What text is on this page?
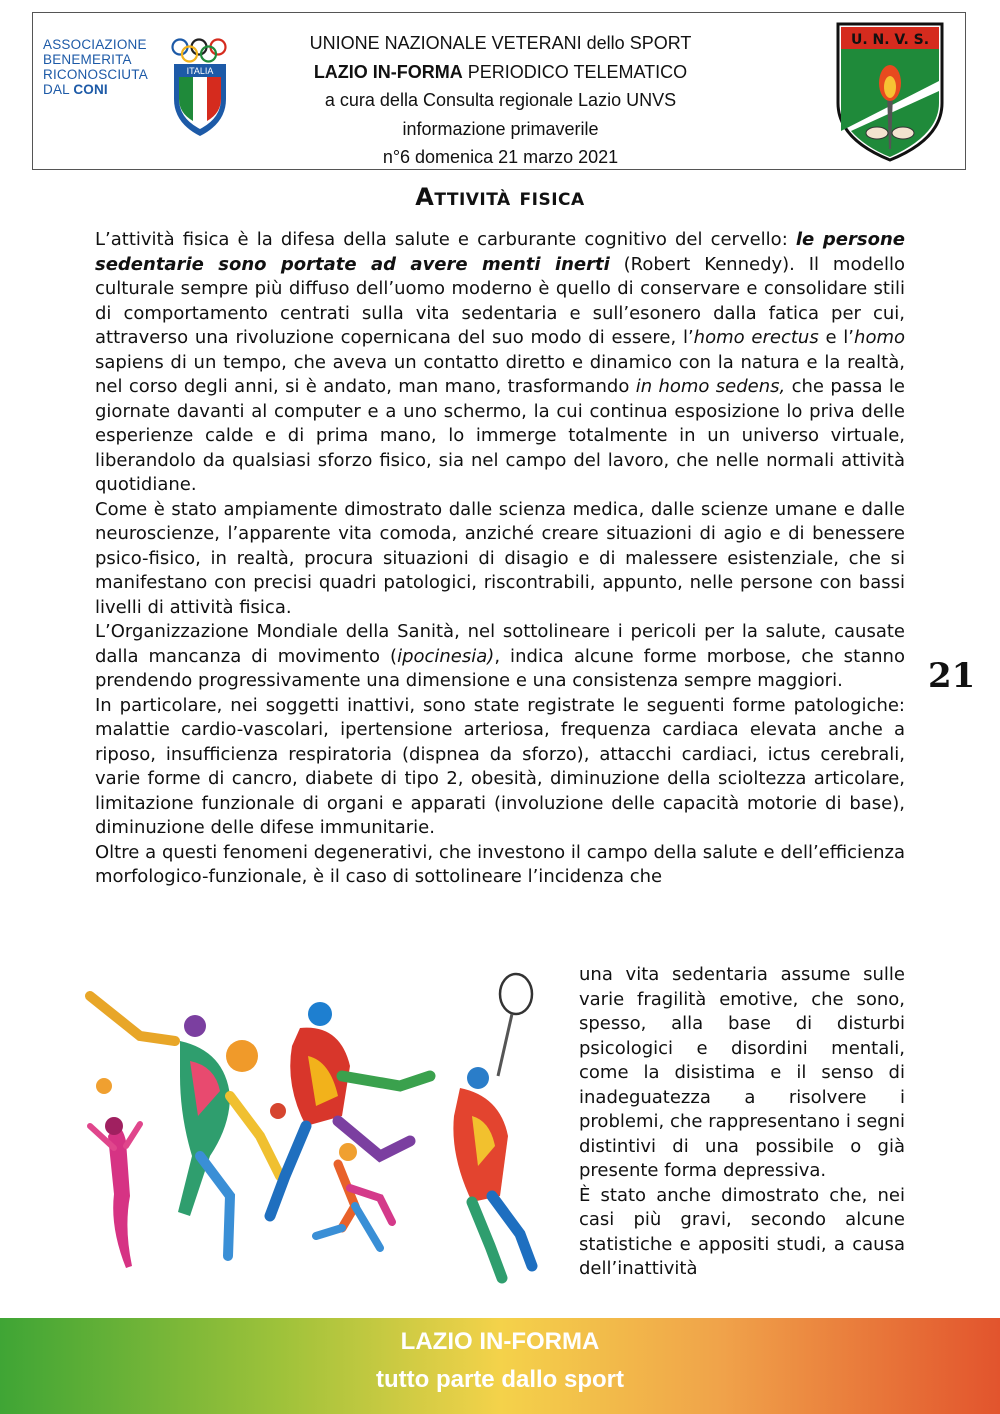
ASSOCIAZIONE
BENEMERITA
RICONOSCIUTA
DAL CONI
ITALIA
UNIONE NAZIONALE VETERANI dello SPORT
LAZIO IN-FORMA PERIODICO TELEMATICO
a cura della Consulta regionale Lazio UNVS
informazione primaverile
n°6 domenica 21 marzo 2021
U. N. V. S.
Attività fisica

L’attività fisica è la difesa della salute e carburante cognitivo del cervello: le persone sedentarie sono portate ad avere menti inerti (Robert Kennedy). Il modello culturale sempre più diffuso dell’uomo moderno è quello di conservare e consolidare stili di comportamento centrati sulla vita sedentaria e sull’esonero dalla fatica per cui, attraverso una rivoluzione copernicana del suo modo di essere, l’homo erectus e l’homo sapiens di un tempo, che aveva un contatto diretto e dinamico con la natura e la realtà, nel corso degli anni, si è andato, man mano, trasformando in homo sedens, che passa le giornate davanti al computer e a uno schermo, la cui continua esposizione lo priva delle esperienze calde e di prima mano, lo immerge totalmente in un universo virtuale, liberandolo da qualsiasi sforzo fisico, sia nel campo del lavoro, che nelle normali attività quotidiane.

Come è stato ampiamente dimostrato dalle scienza medica, dalle scienze umane e dalle neuroscienze, l’apparente vita comoda, anziché creare situazioni di agio e di benessere psico-fisico, in realtà, procura situazioni di disagio e di malessere esistenziale, che si manifestano con precisi quadri patologici, riscontrabili, appunto, nelle persone con bassi livelli di attività fisica.

L’Organizzazione Mondiale della Sanità, nel sottolineare i pericoli per la salute, causate dalla mancanza di movimento (ipocinesia), indica alcune forme morbose, che stanno prendendo progressivamente una dimensione e una consistenza sempre maggiori.

In particolare, nei soggetti inattivi, sono state registrate le seguenti forme patologiche: malattie cardio-vascolari, ipertensione arteriosa, frequenza cardiaca elevata anche a riposo, insufficienza respiratoria (dispnea da sforzo), attacchi cardiaci, ictus cerebrali, varie forme di cancro, diabete di tipo 2, obesità, diminuzione della scioltezza articolare, limitazione funzionale di organi e apparati (involuzione delle capacità motorie di base), diminuzione delle difese immunitarie.

Oltre a questi fenomeni degenerativi, che investono il campo della salute e dell’efficienza morfologico-funzionale, è il caso di sottolineare l’incidenza che

una vita sedentaria assume sulle varie fragilità emotive, che sono, spesso, alla base di disturbi psicologici e disordini mentali, come la disistima e il senso di inadeguatezza a risolvere i problemi, che rappresentano i segni distintivi di una possibile o già presente forma depressiva.

È stato anche dimostrato che, nei casi più gravi, secondo alcune statistiche e appositi studi, a causa dell’inattività

21
LAZIO IN-FORMA
tutto parte dallo sport
